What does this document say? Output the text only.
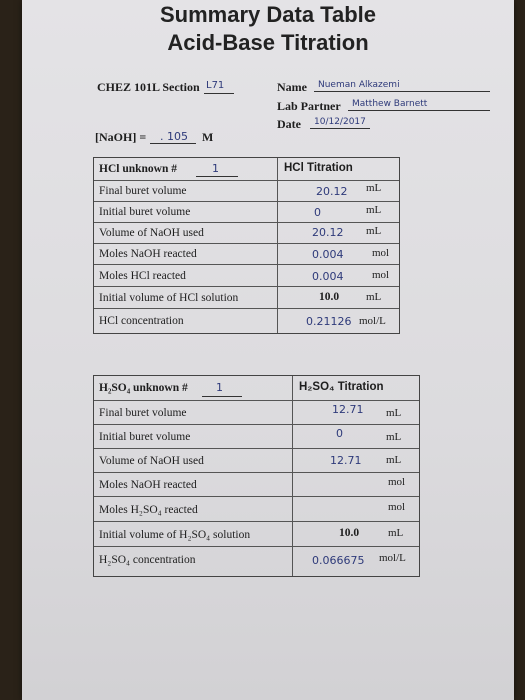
Summary Data Table
Acid-Base Titration
CHEZ 101L Section L71	Name Nueman Alkazemi
Lab Partner Matthew Barnett
Date 10/12/2017
[NaOH] = . 105 M
HCl unknown #	1	HCl Titration
Final buret volume	20.12 mL
Initial buret volume	0	mL
Volume of NaOH used	20.12 mL
Moles NaOH reacted	0.004	mol
Moles HCl reacted	0.004	mol
Initial volume of HCl solution	10.0 mL
HCl concentration	0.21126 mol/L
H₂SO₄ unknown #	1	H₂SO₄ Titration
Final buret volume	12.71 mL
Initial buret volume	0	mL
Volume of NaOH used	12.71 mL
Moles NaOH reacted	mol
Moles H₂SO₄ reacted	mol
Initial volume of H₂SO₄ solution	10.0	mL
H₂SO₄ concentration	0.066675 mol/L
